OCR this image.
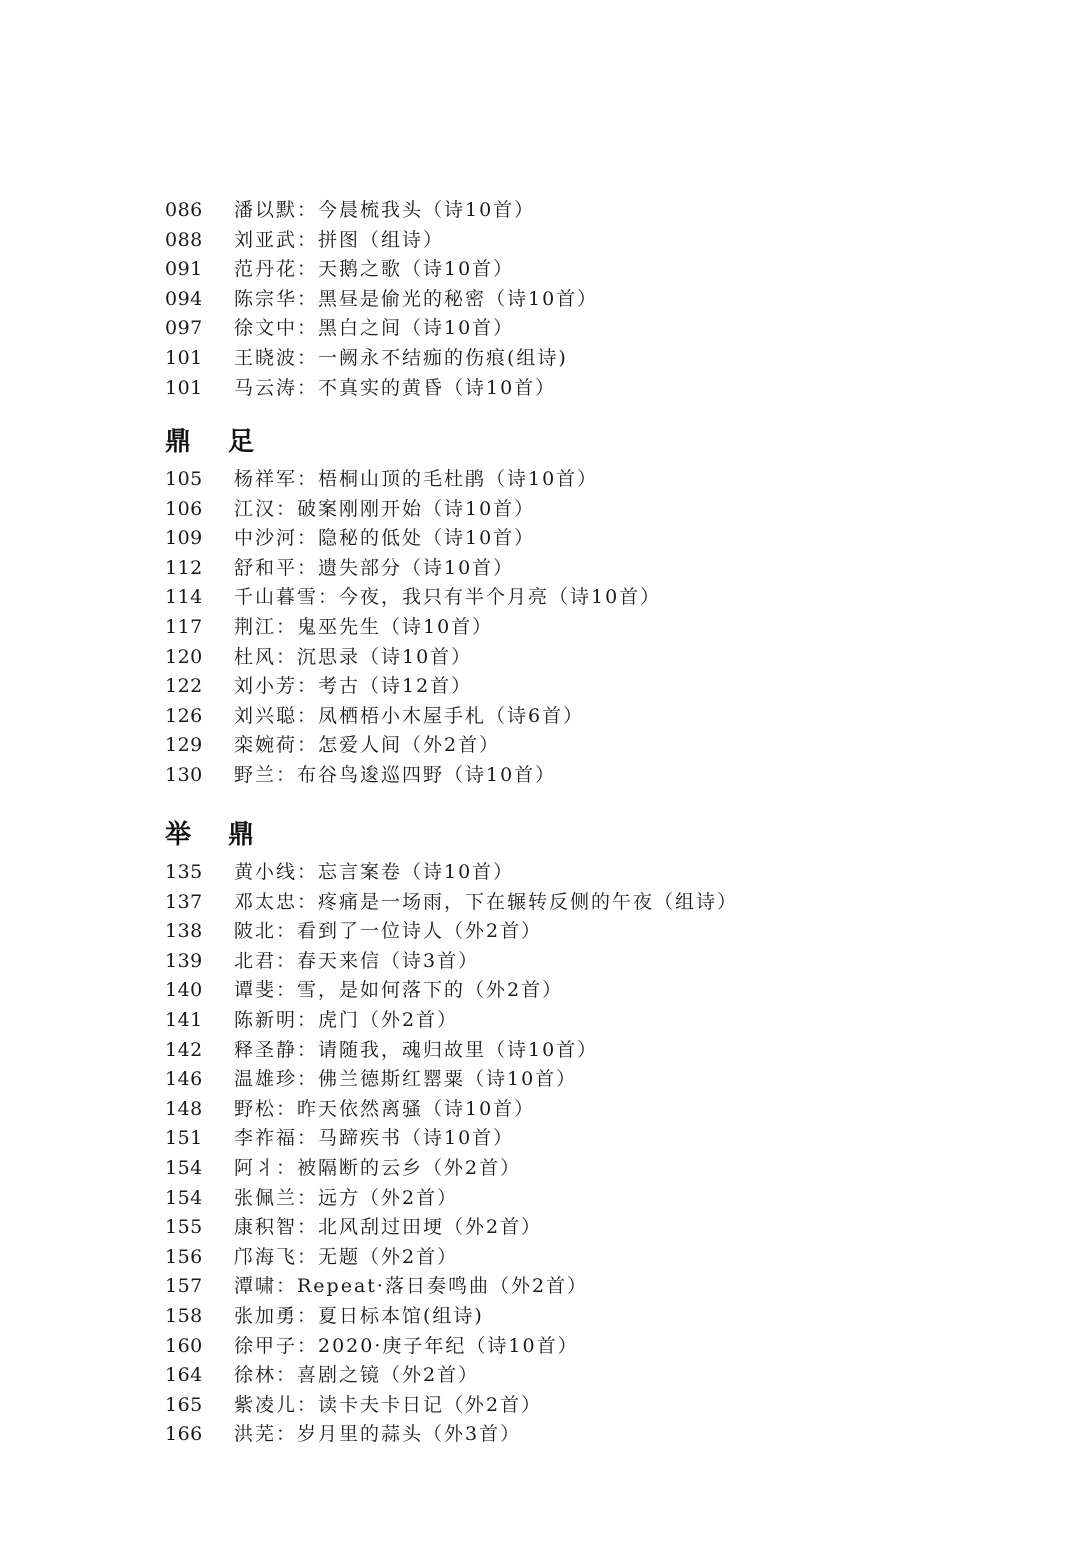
086 潘以默：今晨梳我头（诗10首）
088 刘亚武：拼图（组诗）
091 范丹花：天鹅之歌（诗10首）
094 陈宗华：黑昼是偷光的秘密（诗10首）
097 徐文中：黑白之间（诗10首）
101 王晓波：一阙永不结痂的伤痕(组诗)
101 马云涛：不真实的黄昏（诗10首）
鼎 足
105 杨祥军：梧桐山顶的毛杜鹃（诗10首）
106 江汉：破案刚刚开始（诗10首）
109 中沙河：隐秘的低处（诗10首）
112 舒和平：遗失部分（诗10首）
114 千山暮雪：今夜，我只有半个月亮（诗10首）
117 荆江：鬼巫先生（诗10首）
120 杜风：沉思录（诗10首）
122 刘小芳：考古（诗12首）
126 刘兴聪：凤栖梧小木屋手札（诗6首）
129 栾婉荷：怎爱人间（外2首）
130 野兰：布谷鸟逡巡四野（诗10首）
举 鼎
135 黄小线：忘言案卷（诗10首）
137 邓太忠：疼痛是一场雨，下在辗转反侧的午夜（组诗）
138 陂北：看到了一位诗人（外2首）
139 北君：春天来信（诗3首）
140 谭斐：雪，是如何落下的（外2首）
141 陈新明：虎门（外2首）
142 释圣静：请随我，魂归故里（诗10首）
146 温雄珍：佛兰德斯红罂粟（诗10首）
148 野松：昨天依然离骚（诗10首）
151 李祚福：马蹄疾书（诗10首）
154 阿丬：被隔断的云乡（外2首）
154 张佩兰：远方（外2首）
155 康积智：北风刮过田埂（外2首）
156 邝海飞：无题（外2首）
157 潭啸：Repeat·落日奏鸣曲（外2首）
158 张加勇：夏日标本馆(组诗)
160 徐甲子：2020·庚子年纪（诗10首）
164 徐林：喜剧之镜（外2首）
165 紫凌儿：读卡夫卡日记（外2首）
166 洪芜：岁月里的蒜头（外3首）
